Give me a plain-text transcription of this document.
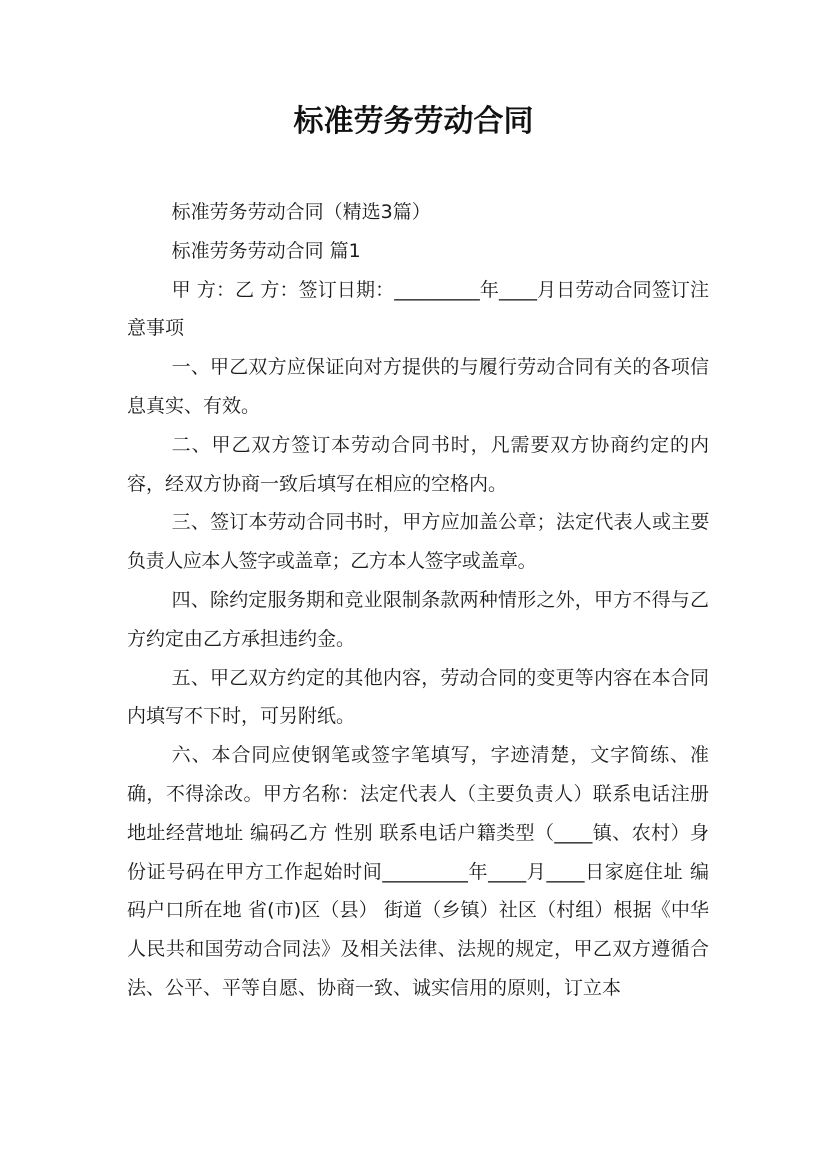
标准劳务劳动合同

标准劳务劳动合同（精选3篇）

标准劳务劳动合同 篇1

甲 方：乙 方：签订日期：_________年____月日劳动合同签订注意事项

一、甲乙双方应保证向对方提供的与履行劳动合同有关的各项信息真实、有效。

二、甲乙双方签订本劳动合同书时，凡需要双方协商约定的内容，经双方协商一致后填写在相应的空格内。

三、签订本劳动合同书时，甲方应加盖公章；法定代表人或主要负责人应本人签字或盖章；乙方本人签字或盖章。

四、除约定服务期和竞业限制条款两种情形之外，甲方不得与乙方约定由乙方承担违约金。

五、甲乙双方约定的其他内容，劳动合同的变更等内容在本合同内填写不下时，可另附纸。

六、本合同应使钢笔或签字笔填写，字迹清楚，文字简练、准确，不得涂改。甲方名称：法定代表人（主要负责人）联系电话注册地址经营地址 编码乙方 性别 联系电话户籍类型（____镇、农村）身份证号码在甲方工作起始时间_________年____月____日家庭住址 编码户口所在地 省(市)区（县） 街道（乡镇）社区（村组）根据《中华人民共和国劳动合同法》及相关法律、法规的规定，甲乙双方遵循合法、公平、平等自愿、协商一致、诚实信用的原则，订立本
